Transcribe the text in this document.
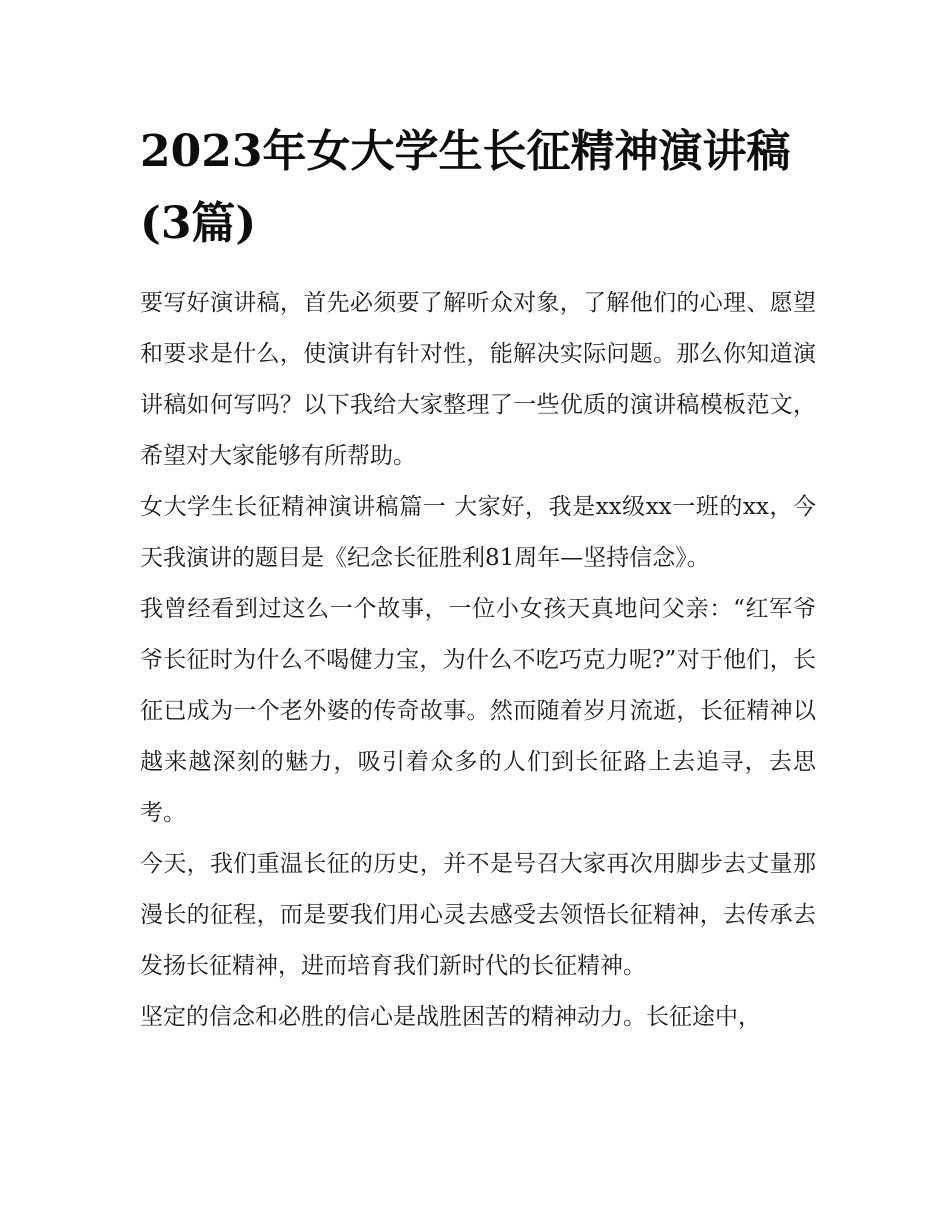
2023年女大学生长征精神演讲稿(3篇)

要写好演讲稿，首先必须要了解听众对象，了解他们的心理、愿望和要求是什么，使演讲有针对性，能解决实际问题。那么你知道演讲稿如何写吗？以下我给大家整理了一些优质的演讲稿模板范文，希望对大家能够有所帮助。

女大学生长征精神演讲稿篇一 大家好，我是xx级xx一班的xx，今天我演讲的题目是《纪念长征胜利81周年—坚持信念》。

我曾经看到过这么一个故事，一位小女孩天真地问父亲：“红军爷爷长征时为什么不喝健力宝，为什么不吃巧克力呢?”对于他们，长征已成为一个老外婆的传奇故事。然而随着岁月流逝，长征精神以越来越深刻的魅力，吸引着众多的人们到长征路上去追寻，去思考。

今天，我们重温长征的历史，并不是号召大家再次用脚步去丈量那漫长的征程，而是要我们用心灵去感受去领悟长征精神，去传承去发扬长征精神，进而培育我们新时代的长征精神。

坚定的信念和必胜的信心是战胜困苦的精神动力。长征途中，
